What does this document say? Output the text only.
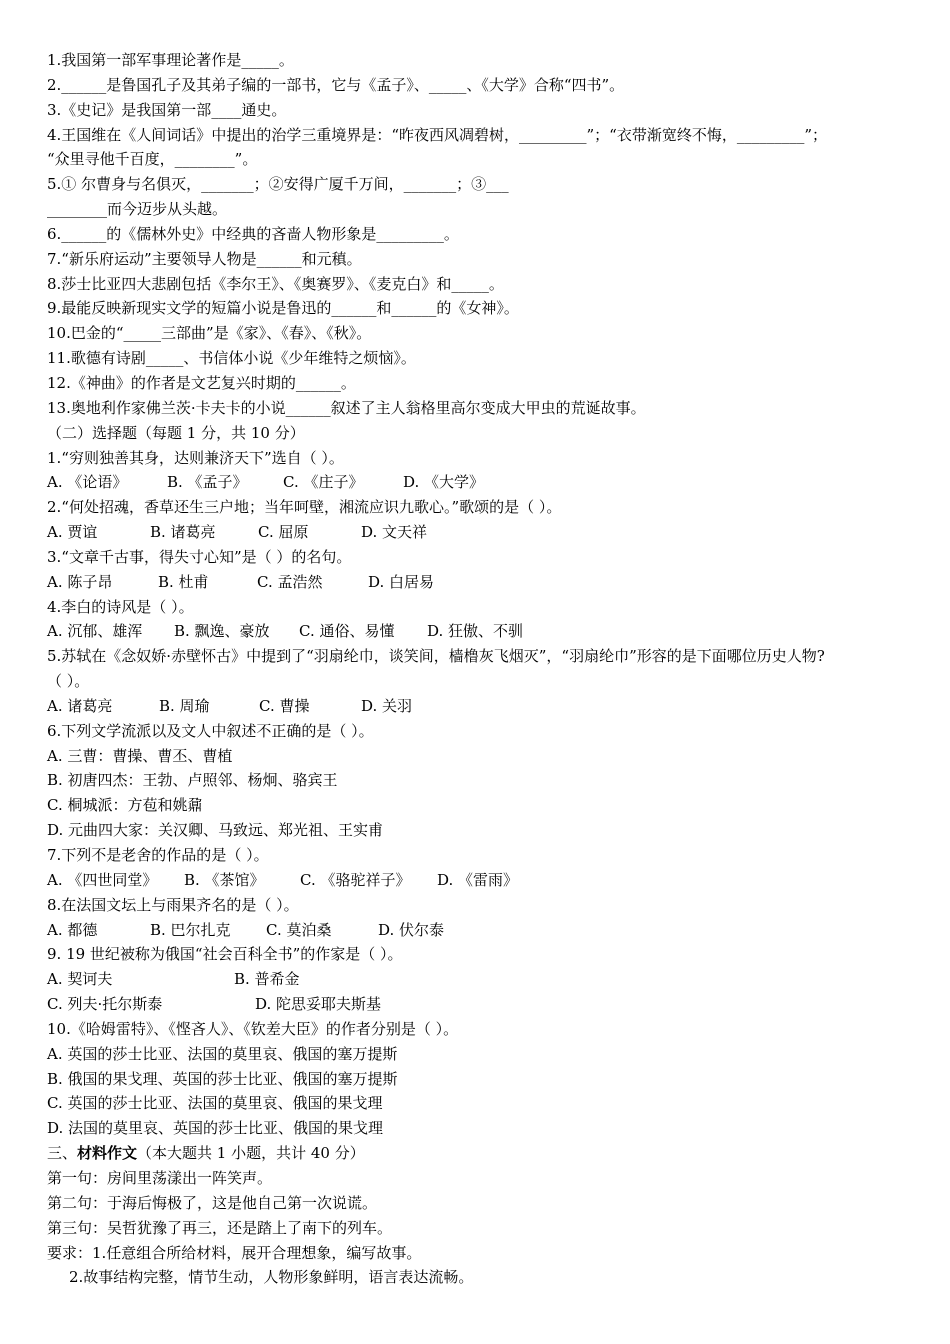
1.我国第一部军事理论著作是_____。
2.______是鲁国孔子及其弟子编的一部书，它与《孟子》、_____、《大学》合称“四书”。
3.《史记》是我国第一部____通史。
4.王国维在《人间词话》中提出的治学三重境界是：“昨夜西风凋碧树，_________”；“衣带渐宽终不悔，_________”；
“众里寻他千百度，________”。
5.① 尔曹身与名俱灭，_______；②安得广厦千万间，_______；③___
________而今迈步从头越。
6.______的《儒林外史》中经典的吝啬人物形象是_________。
7.“新乐府运动”主要领导人物是______和元稹。
8.莎士比亚四大悲剧包括《李尔王》、《奥赛罗》、《麦克白》和_____。
9.最能反映新现实文学的短篇小说是鲁迅的______和______的《女神》。
10.巴金的“_____三部曲”是《家》、《春》、《秋》。
11.歌德有诗剧_____、书信体小说《少年维特之烦恼》。
12.《神曲》的作者是文艺复兴时期的______。
13.奥地利作家佛兰茨·卡夫卡的小说______叙述了主人翁格里高尔变成大甲虫的荒诞故事。
（二）选择题（每题 1 分，共 10 分）
1.“穷则独善其身，达则兼济天下”选自（ ）。
A. 《论语》	B. 《孟子》 C. 《庄子》	D. 《大学》
2.“何处招魂，香草还生三户地；当年呵壁，湘流应识九歌心。”歌颂的是（ ）。
A. 贾谊	B. 诸葛亮	C. 屈原	D. 文天祥
3.“文章千古事，得失寸心知”是（ ）的名句。
A. 陈子昂	B. 杜甫	C. 孟浩然	D. 白居易
4.李白的诗风是（ ）。
A. 沉郁、雄浑 B. 飘逸、豪放 C. 通俗、易懂 D. 狂傲、不驯
5.苏轼在《念奴娇·赤壁怀古》中提到了“羽扇纶巾，谈笑间，樯橹灰飞烟灭”，“羽扇纶巾”形容的是下面哪位历史人物?
（ ）。
A. 诸葛亮	B. 周瑜	C. 曹操	D. 关羽
6.下列文学流派以及文人中叙述不正确的是（ ）。
A. 三曹：曹操、曹丕、曹植
B. 初唐四杰：王勃、卢照邻、杨炯、骆宾王
C. 桐城派：方苞和姚鼐
D. 元曲四大家：关汉卿、马致远、郑光祖、王实甫
7.下列不是老舍的作品的是（ ）。
A. 《四世同堂》 B. 《茶馆》 C. 《骆驼祥子》 D. 《雷雨》
8.在法国文坛上与雨果齐名的是（ ）。
A. 都德	B. 巴尔扎克 C. 莫泊桑	D. 伏尔泰
9. 19 世纪被称为俄国“社会百科全书”的作家是（ ）。
A. 契诃夫	B. 普希金
C. 列夫·托尔斯泰	D. 陀思妥耶夫斯基
10.《哈姆雷特》、《悭吝人》、《钦差大臣》的作者分别是（ ）。
A. 英国的莎士比亚、法国的莫里哀、俄国的塞万提斯
B. 俄国的果戈理、英国的莎士比亚、俄国的塞万提斯
C. 英国的莎士比亚、法国的莫里哀、俄国的果戈理
D. 法国的莫里哀、英国的莎士比亚、俄国的果戈理
三、材料作文（本大题共 1 小题，共计 40 分）
第一句：房间里荡漾出一阵笑声。
第二句：于海后悔极了，这是他自己第一次说谎。
第三句：吴哲犹豫了再三，还是踏上了南下的列车。
要求：1.任意组合所给材料，展开合理想象，编写故事。
2.故事结构完整，情节生动，人物形象鲜明，语言表达流畅。
